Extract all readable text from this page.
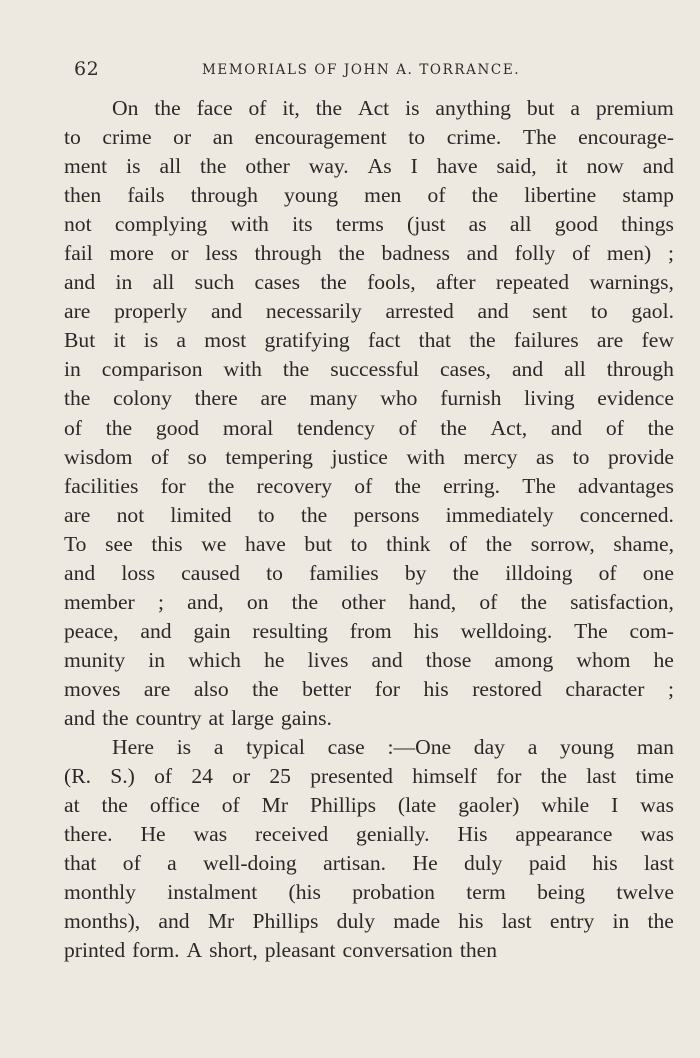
62	MEMORIALS OF JOHN A. TORRANCE.
On the face of it, the Act is anything but a premium
to crime or an encouragement to crime. The encourage-
ment is all the other way. As I have said, it now and
then fails through young men of the libertine stamp
not complying with its terms (just as all good things
fail more or less through the badness and folly of men) ;
and in all such cases the fools, after repeated warnings,
are properly and necessarily arrested and sent to gaol.
But it is a most gratifying fact that the failures are few
in comparison with the successful cases, and all through
the colony there are many who furnish living evidence
of the good moral tendency of the Act, and of the
wisdom of so tempering justice with mercy as to provide
facilities for the recovery of the erring. The advantages
are not limited to the persons immediately concerned.
To see this we have but to think of the sorrow, shame,
and loss caused to families by the illdoing of one
member ; and, on the other hand, of the satisfaction,
peace, and gain resulting from his welldoing. The com-
munity in which he lives and those among whom he
moves are also the better for his restored character ;
and the country at large gains.
Here is a typical case :—One day a young man
(R. S.) of 24 or 25 presented himself for the last time
at the office of Mr Phillips (late gaoler) while I was
there. He was received genially. His appearance was
that of a well-doing artisan. He duly paid his last
monthly instalment (his probation term being twelve
months), and Mr Phillips duly made his last entry in the
printed form. A short, pleasant conversation then
